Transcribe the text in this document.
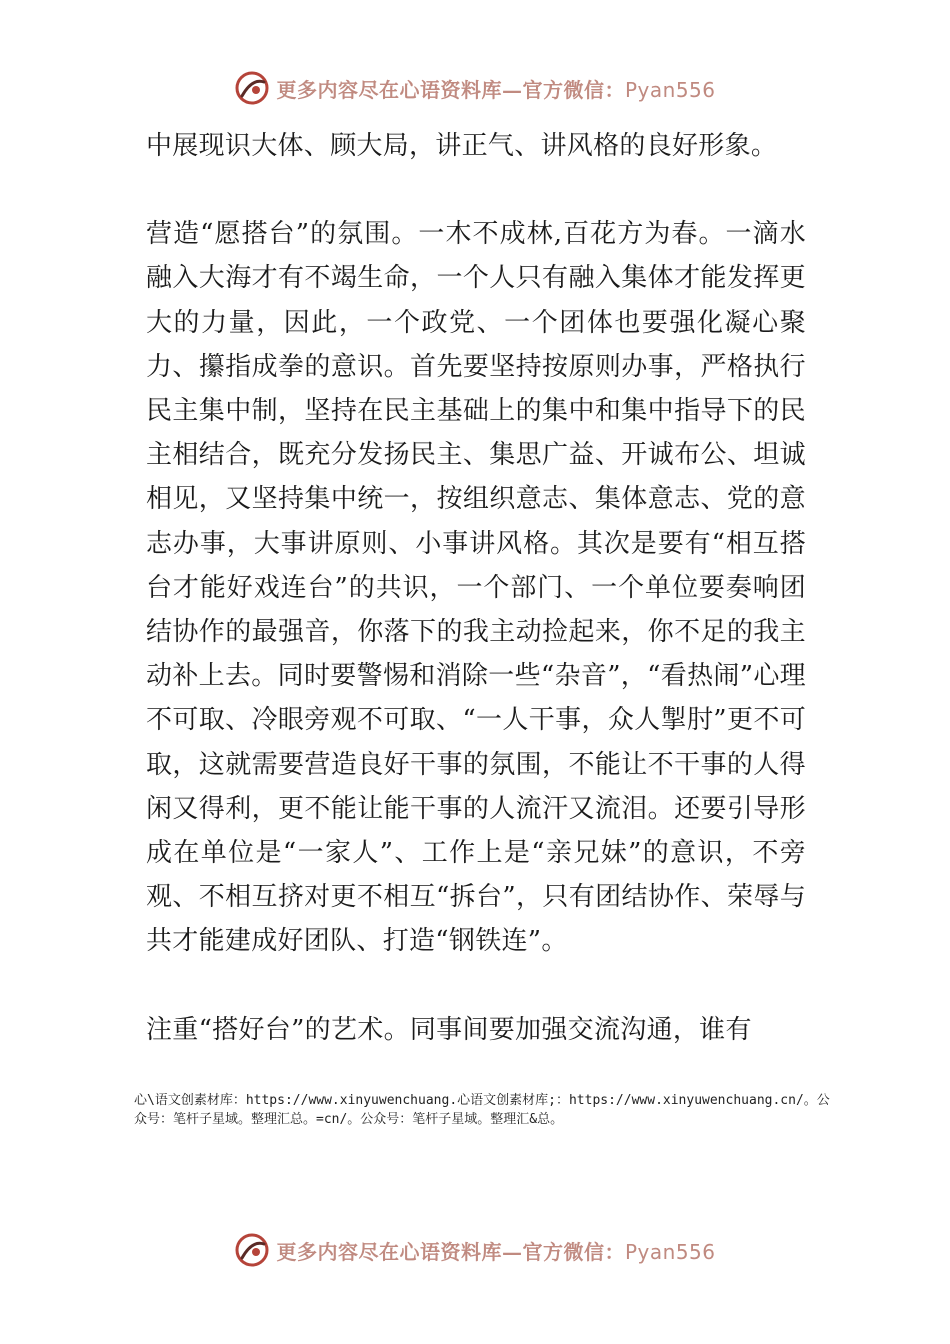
更多内容尽在心语资料库—官方微信：Pyan556

中展现识大体、顾大局，讲正气、讲风格的良好形象。

营造“愿搭台”的氛围。一木不成林,百花方为春。一滴水融入大海才有不竭生命，一个人只有融入集体才能发挥更大的力量，因此，一个政党、一个团体也要强化凝心聚力、攥指成拳的意识。首先要坚持按原则办事，严格执行民主集中制，坚持在民主基础上的集中和集中指导下的民主相结合，既充分发扬民主、集思广益、开诚布公、坦诚相见，又坚持集中统一，按组织意志、集体意志、党的意志办事，大事讲原则、小事讲风格。其次是要有“相互搭台才能好戏连台”的共识，一个部门、一个单位要奏响团结协作的最强音，你落下的我主动捡起来，你不足的我主动补上去。同时要警惕和消除一些“杂音”，“看热闹”心理不可取、冷眼旁观不可取、“一人干事，众人掣肘”更不可取，这就需要营造良好干事的氛围，不能让不干事的人得闲又得利，更不能让能干事的人流汗又流泪。还要引导形成在单位是“一家人”、工作上是“亲兄妹”的意识，不旁观、不相互挤对更不相互“拆台”，只有团结协作、荣辱与共才能建成好团队、打造“钢铁连”。

注重“搭好台”的艺术。同事间要加强交流沟通，谁有

心\语文创素材库：https://www.xinyuwenchuang.心语文创素材库;：https://www.xinyuwenchuang.cn/。公众号：笔杆子星域。整理汇总。=cn/。公众号：笔杆子星域。整理汇&总。
更多内容尽在心语资料库—官方微信：Pyan556
